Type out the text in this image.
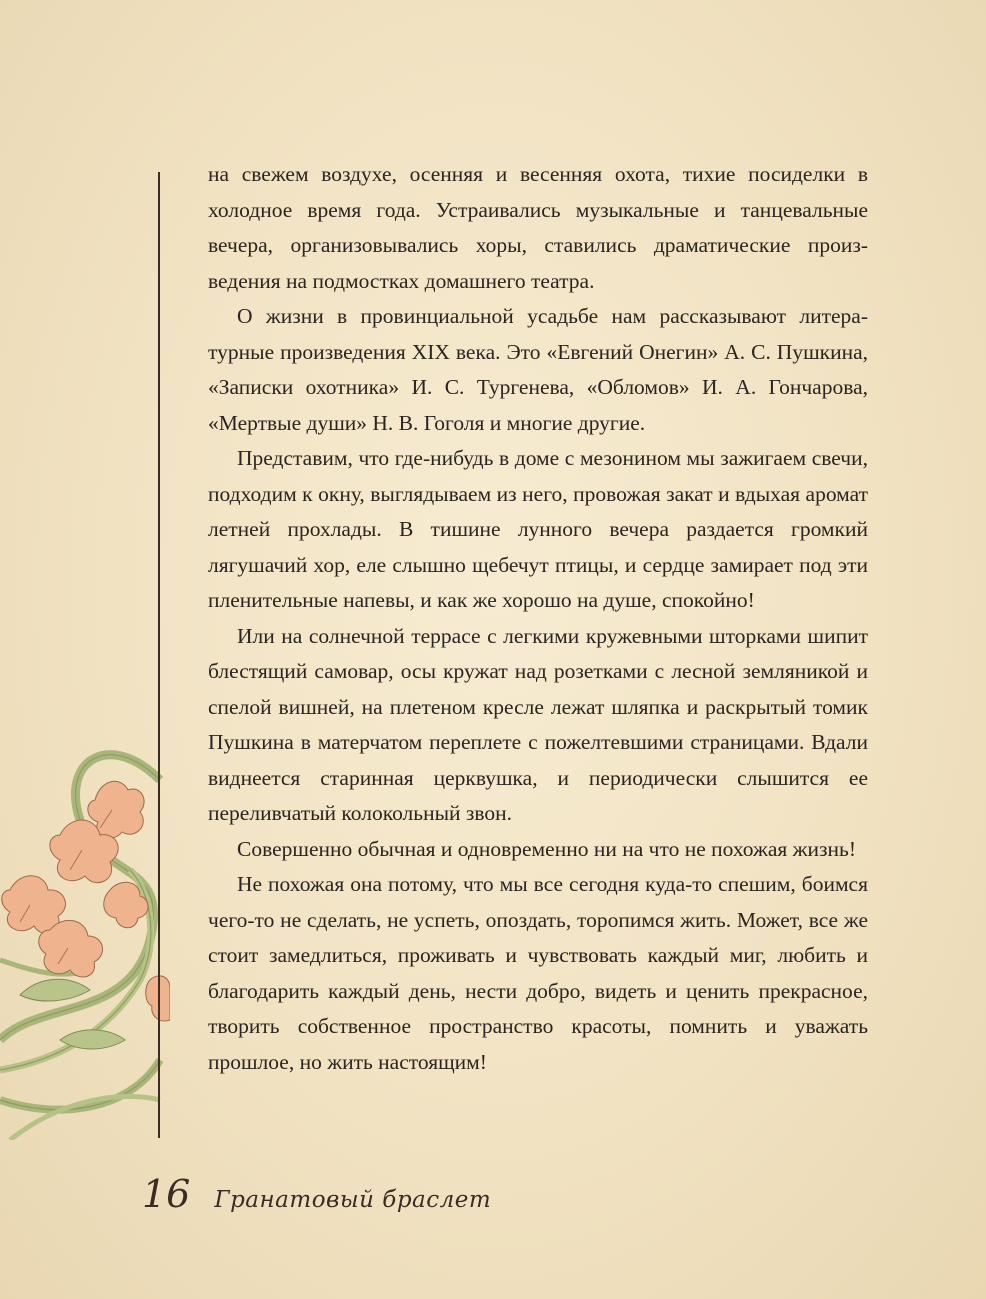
на свежем воздухе, осенняя и весенняя охота, тихие посиделки в холодное время года. Устраивались музыкальные и танцевальные вечера, организовывались хоры, ставились драматические произведения на подмостках домашнего театра.

О жизни в провинциальной усадьбе нам рассказывают литературные произведения XIX века. Это «Евгений Онегин» А. С. Пушкина, «Записки охотника» И. С. Тургенева, «Обломов» И. А. Гончарова, «Мертвые души» Н. В. Гоголя и многие другие.

Представим, что где-нибудь в доме с мезонином мы зажигаем свечи, подходим к окну, выглядываем из него, провожая закат и вдыхая аромат летней прохлады. В тишине лунного вечера раздается громкий лягушачий хор, еле слышно щебечут птицы, и сердце замирает под эти пленительные напевы, и как же хорошо на душе, спокойно!

Или на солнечной террасе с легкими кружевными шторками шипит блестящий самовар, осы кружат над розетками с лесной земляникой и спелой вишней, на плетеном кресле лежат шляпка и раскрытый томик Пушкина в матерчатом переплете с пожелтевшими страницами. Вдали виднеется старинная церквушка, и периодически слышится ее переливчатый колокольный звон.

Совершенно обычная и одновременно ни на что не похожая жизнь!

Не похожая она потому, что мы все сегодня куда-то спешим, боимся чего-то не сделать, не успеть, опоздать, торопимся жить. Может, все же стоит замедлиться, проживать и чувствовать каждый миг, любить и благодарить каждый день, нести добро, видеть и ценить прекрасное, творить собственное пространство красоты, помнить и уважать прошлое, но жить настоящим!

16 Гранатовый браслет
